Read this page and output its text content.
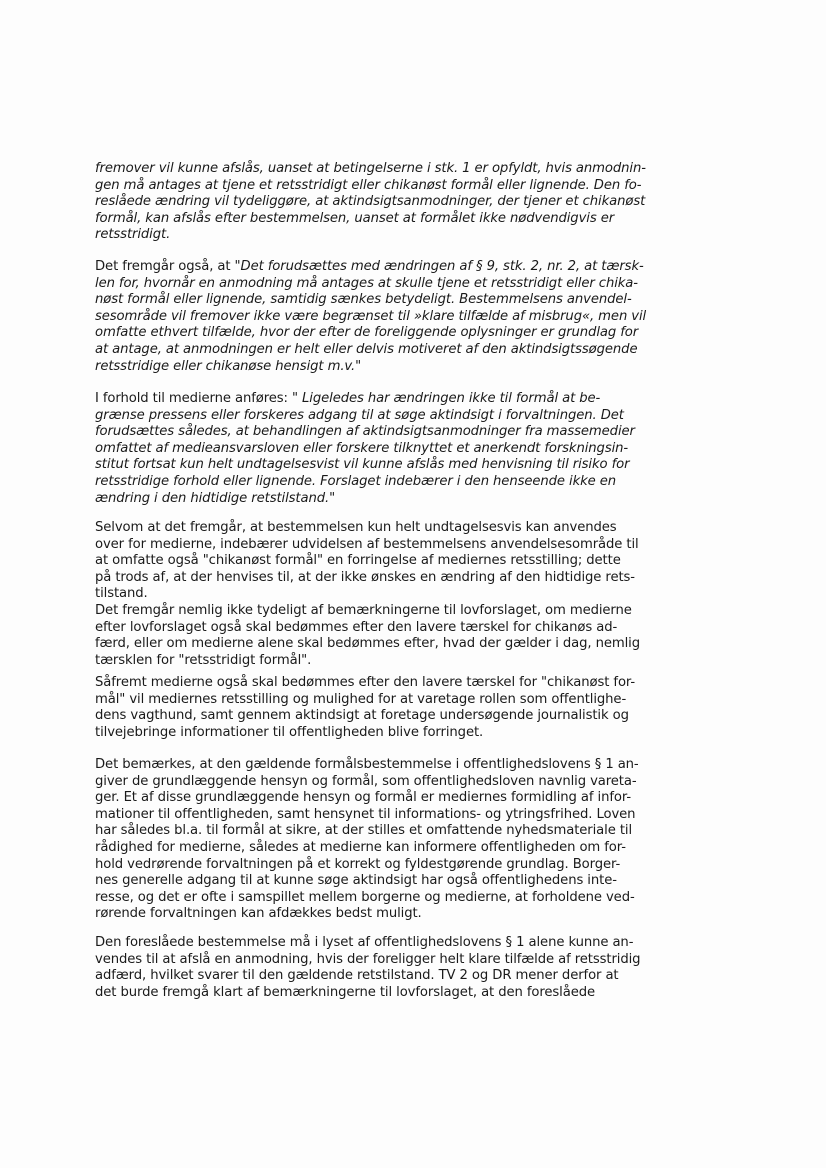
fremover vil kunne afslås, uanset at betingelserne i stk. 1 er opfyldt, hvis anmodnin-
gen må antages at tjene et retsstridigt eller chikanøst formål eller lignende. Den fo-
reslåede ændring vil tydeliggøre, at aktindsigtsanmodninger, der tjener et chikanøst
formål, kan afslås efter bestemmelsen, uanset at formålet ikke nødvendigvis er
retsstridigt.
Det fremgår også, at "Det forudsættes med ændringen af § 9, stk. 2, nr. 2, at tærsk-
len for, hvornår en anmodning må antages at skulle tjene et retsstridigt eller chika-
nøst formål eller lignende, samtidig sænkes betydeligt. Bestemmelsens anvendel-
sesområde vil fremover ikke være begrænset til »klare tilfælde af misbrug«, men vil
omfatte ethvert tilfælde, hvor der efter de foreliggende oplysninger er grundlag for
at antage, at anmodningen er helt eller delvis motiveret af den aktindsigtssøgende
retsstridige eller chikanøse hensigt m.v."
I forhold til medierne anføres: " Ligeledes har ændringen ikke til formål at be-
grænse pressens eller forskeres adgang til at søge aktindsigt i forvaltningen. Det
forudsættes således, at behandlingen af aktindsigtsanmodninger fra massemedier
omfattet af medieansvarsloven eller forskere tilknyttet et anerkendt forskningsin-
stitut fortsat kun helt undtagelsesvist vil kunne afslås med henvisning til risiko for
retsstridige forhold eller lignende. Forslaget indebærer i den henseende ikke en
ændring i den hidtidige retstilstand."
Selvom at det fremgår, at bestemmelsen kun helt undtagelsesvis kan anvendes
over for medierne, indebærer udvidelsen af bestemmelsens anvendelsesområde til
at omfatte også "chikanøst formål" en forringelse af mediernes retsstilling; dette
på trods af, at der henvises til, at der ikke ønskes en ændring af den hidtidige rets-
tilstand.
Det fremgår nemlig ikke tydeligt af bemærkningerne til lovforslaget, om medierne
efter lovforslaget også skal bedømmes efter den lavere tærskel for chikanøs ad-
færd, eller om medierne alene skal bedømmes efter, hvad der gælder i dag, nemlig
tærsklen for "retsstridigt formål".
Såfremt medierne også skal bedømmes efter den lavere tærskel for "chikanøst for-
mål" vil mediernes retsstilling og mulighed for at varetage rollen som offentlighe-
dens vagthund, samt gennem aktindsigt at foretage undersøgende journalistik og
tilvejebringe informationer til offentligheden blive forringet.
Det bemærkes, at den gældende formålsbestemmelse i offentlighedslovens § 1 an-
giver de grundlæggende hensyn og formål, som offentlighedsloven navnlig vareta-
ger. Et af disse grundlæggende hensyn og formål er mediernes formidling af infor-
mationer til offentligheden, samt hensynet til informations- og ytringsfrihed. Loven
har således bl.a. til formål at sikre, at der stilles et omfattende nyhedsmateriale til
rådighed for medierne, således at medierne kan informere offentligheden om for-
hold vedrørende forvaltningen på et korrekt og fyldestgørende grundlag. Borger-
nes generelle adgang til at kunne søge aktindsigt har også offentlighedens inte-
resse, og det er ofte i samspillet mellem borgerne og medierne, at forholdene ved-
rørende forvaltningen kan afdækkes bedst muligt.
Den foreslåede bestemmelse må i lyset af offentlighedslovens § 1 alene kunne an-
vendes til at afslå en anmodning, hvis der foreligger helt klare tilfælde af retsstridig
adfærd, hvilket svarer til den gældende retstilstand. TV 2 og DR mener derfor at
det burde fremgå klart af bemærkningerne til lovforslaget, at den foreslåede
